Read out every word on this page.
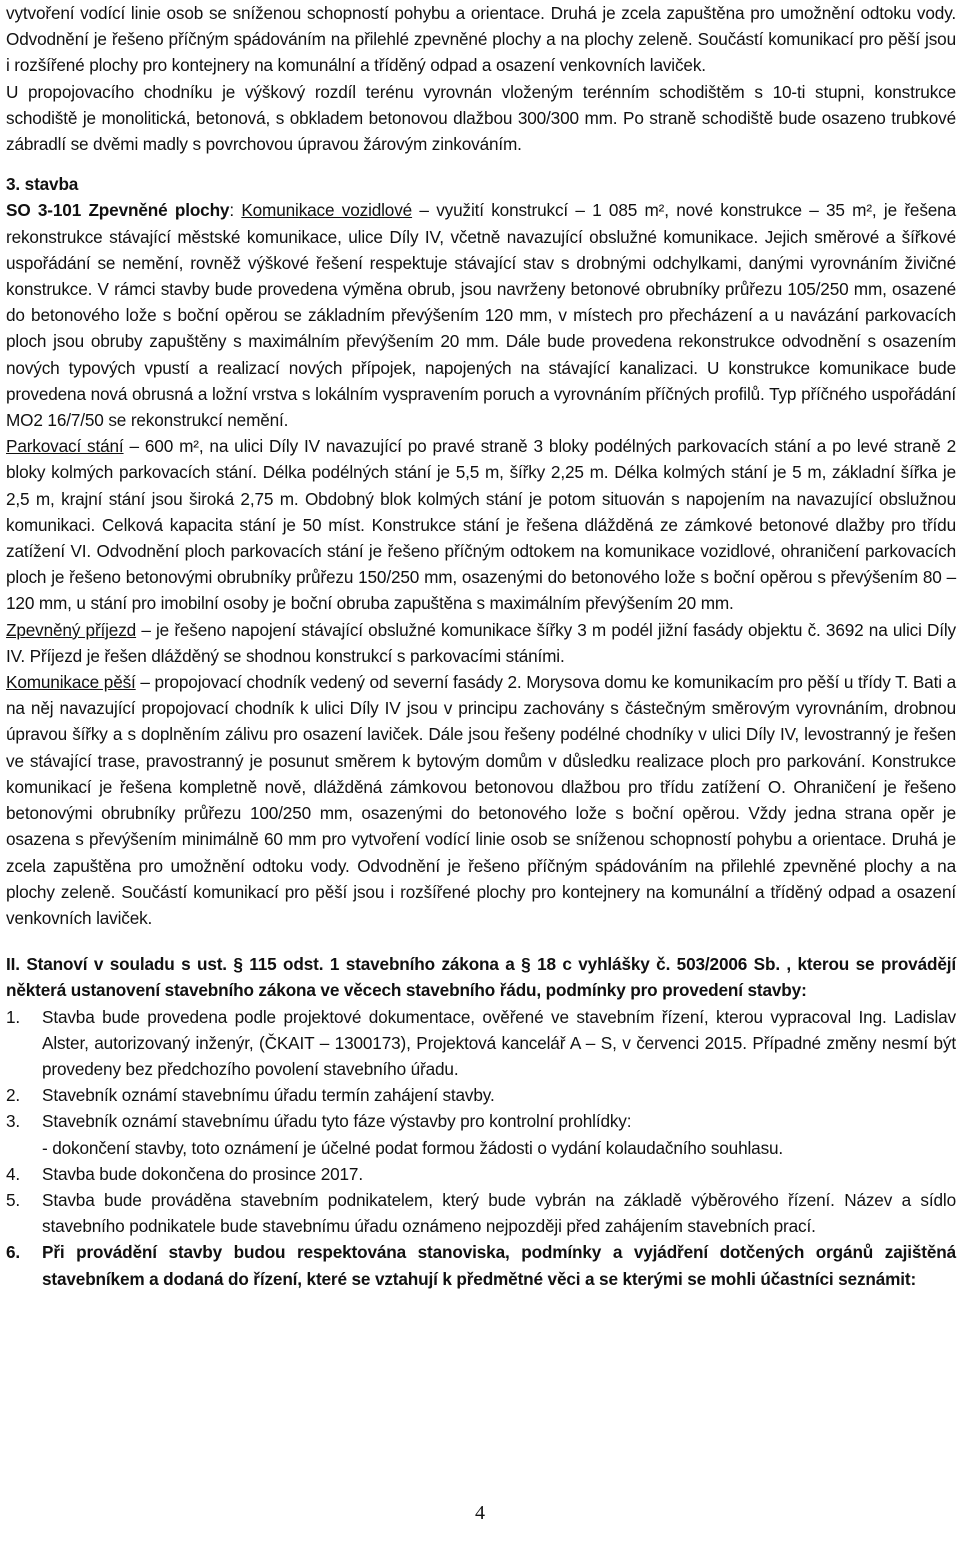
vytvoření vodící linie osob se sníženou schopností pohybu a orientace. Druhá je zcela zapuštěna pro umožnění odtoku vody. Odvodnění je řešeno příčným spádováním na přilehlé zpevněné plochy a na plochy zeleně. Součástí komunikací pro pěší jsou i rozšířené plochy pro kontejnery na komunální a tříděný odpad a osazení venkovních laviček.

U propojovacího chodníku je výškový rozdíl terénu vyrovnán vloženým terénním schodištěm s 10-ti stupni, konstrukce schodiště je monolitická, betonová, s obkladem betonovou dlažbou 300/300 mm. Po straně schodiště bude osazeno trubkové zábradlí se dvěmi madly s povrchovou úpravou žárovým zinkováním.

3. stavba

SO 3-101 Zpevněné plochy: Komunikace vozidlové – využití konstrukcí – 1 085 m², nové konstrukce – 35 m², je řešena rekonstrukce stávající městské komunikace, ulice Díly IV, včetně navazující obslužné komunikace. Jejich směrové a šířkové uspořádání se nemění, rovněž výškové řešení respektuje stávající stav s drobnými odchylkami, danými vyrovnáním živičné konstrukce. V rámci stavby bude provedena výměna obrub, jsou navrženy betonové obrubníky průřezu 105/250 mm, osazené do betonového lože s boční opěrou se základním převýšením 120 mm, v místech pro přecházení a u navázání parkovacích ploch jsou obruby zapuštěny s maximálním převýšením 20 mm. Dále bude provedena rekonstrukce odvodnění s osazením nových typových vpustí a realizací nových přípojek, napojených na stávající kanalizaci. U konstrukce komunikace bude provedena nová obrusná a ložní vrstva s lokálním vyspravením poruch a vyrovnáním příčných profilů. Typ příčného uspořádání MO2 16/7/50 se rekonstrukcí nemění.

Parkovací stání – 600 m², na ulici Díly IV navazující po pravé straně 3 bloky podélných parkovacích stání a po levé straně 2 bloky kolmých parkovacích stání. Délka podélných stání je 5,5 m, šířky 2,25 m. Délka kolmých stání je 5 m, základní šířka je 2,5 m, krajní stání jsou široká 2,75 m. Obdobný blok kolmých stání je potom situován s napojením na navazující obslužnou komunikaci. Celková kapacita stání je 50 míst. Konstrukce stání je řešena dlážděná ze zámkové betonové dlažby pro třídu zatížení VI. Odvodnění ploch parkovacích stání je řešeno příčným odtokem na komunikace vozidlové, ohraničení parkovacích ploch je řešeno betonovými obrubníky průřezu 150/250 mm, osazenými do betonového lože s boční opěrou s převýšením 80 – 120 mm, u stání pro imobilní osoby je boční obruba zapuštěna s maximálním převýšením 20 mm.

Zpevněný příjezd – je řešeno napojení stávající obslužné komunikace šířky 3 m podél jižní fasády objektu č. 3692 na ulici Díly IV. Příjezd je řešen dlážděný se shodnou konstrukcí s parkovacími stáními.

Komunikace pěší – propojovací chodník vedený od severní fasády 2. Morysova domu ke komunikacím pro pěší u třídy T. Bati a na něj navazující propojovací chodník k ulici Díly IV jsou v principu zachovány s částečným směrovým vyrovnáním, drobnou úpravou šířky a s doplněním zálivu pro osazení laviček. Dále jsou řešeny podélné chodníky v ulici Díly IV, levostranný je řešen ve stávající trase, pravostranný je posunut směrem k bytovým domům v důsledku realizace ploch pro parkování. Konstrukce komunikací je řešena kompletně nově, dlážděná zámkovou betonovou dlažbou pro třídu zatížení O. Ohraničení je řešeno betonovými obrubníky průřezu 100/250 mm, osazenými do betonového lože s boční opěrou. Vždy jedna strana opěr je osazena s převýšením minimálně 60 mm pro vytvoření vodící linie osob se sníženou schopností pohybu a orientace. Druhá je zcela zapuštěna pro umožnění odtoku vody. Odvodnění je řešeno příčným spádováním na přilehlé zpevněné plochy a na plochy zeleně. Součástí komunikací pro pěší jsou i rozšířené plochy pro kontejnery na komunální a tříděný odpad a osazení venkovních laviček.

II. Stanoví v souladu s ust. § 115 odst. 1 stavebního zákona a § 18 c vyhlášky č. 503/2006 Sb. , kterou se provádějí některá ustanovení stavebního zákona ve věcech stavebního řádu, podmínky pro provedení stavby:

1. Stavba bude provedena podle projektové dokumentace, ověřené ve stavebním řízení, kterou vypracoval Ing. Ladislav Alster, autorizovaný inženýr, (ČKAIT – 1300173), Projektová kancelář A – S, v červenci 2015. Případné změny nesmí být provedeny bez předchozího povolení stavebního úřadu.
2. Stavebník oznámí stavebnímu úřadu termín zahájení stavby.
3. Stavebník oznámí stavebnímu úřadu tyto fáze výstavby pro kontrolní prohlídky:
- dokončení stavby, toto oznámení je účelné podat formou žádosti o vydání kolaudačního souhlasu.
4. Stavba bude dokončena do prosince 2017.
5. Stavba bude prováděna stavebním podnikatelem, který bude vybrán na základě výběrového řízení. Název a sídlo stavebního podnikatele bude stavebnímu úřadu oznámeno nejpozději před zahájením stavebních prací.
6. Při provádění stavby budou respektována stanoviska, podmínky a vyjádření dotčených orgánů zajištěná stavebníkem a dodaná do řízení, které se vztahují k předmětné věci a se kterými se mohli účastníci seznámit:
4
